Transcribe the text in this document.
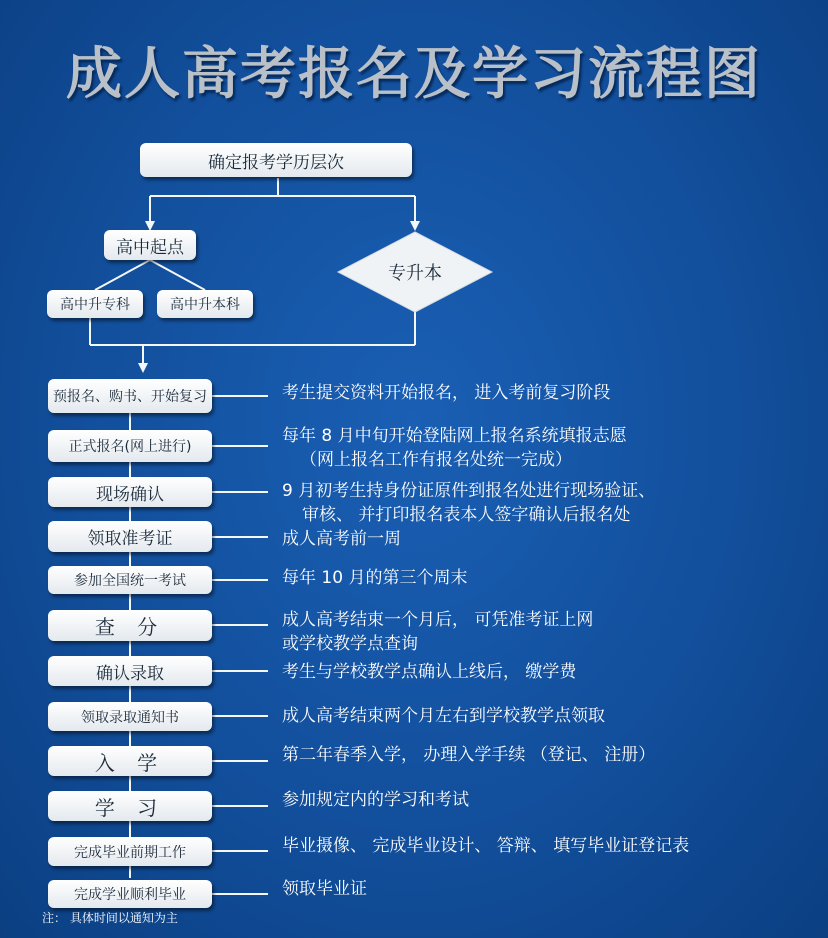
成人高考报名及学习流程图
确定报考学历层次
高中起点
专升本
高中升专科	高中升本科
预报名、购书、开始复习
正式报名(网上进行)
现场确认
领取准考证
参加全国统一考试
查 分
确认录取
领取录取通知书
入 学
学 习
完成毕业前期工作
完成学业顺利毕业
考生提交资料开始报名， 进入考前复习阶段
每年 8 月中旬开始登陆网上报名系统填报志愿
（网上报名工作有报名处统一完成）
9 月初考生持身份证原件到报名处进行现场验证、
审核、 并打印报名表本人签字确认后报名处
成人高考前一周
每年 10 月的第三个周末
成人高考结束一个月后， 可凭准考证上网
或学校教学点查询
考生与学校教学点确认上线后， 缴学费
成人高考结束两个月左右到学校教学点领取
第二年春季入学， 办理入学手续 （登记、 注册）
参加规定内的学习和考试
毕业摄像、 完成毕业设计、 答辩、 填写毕业证登记表
领取毕业证
注： 具体时间以通知为主
